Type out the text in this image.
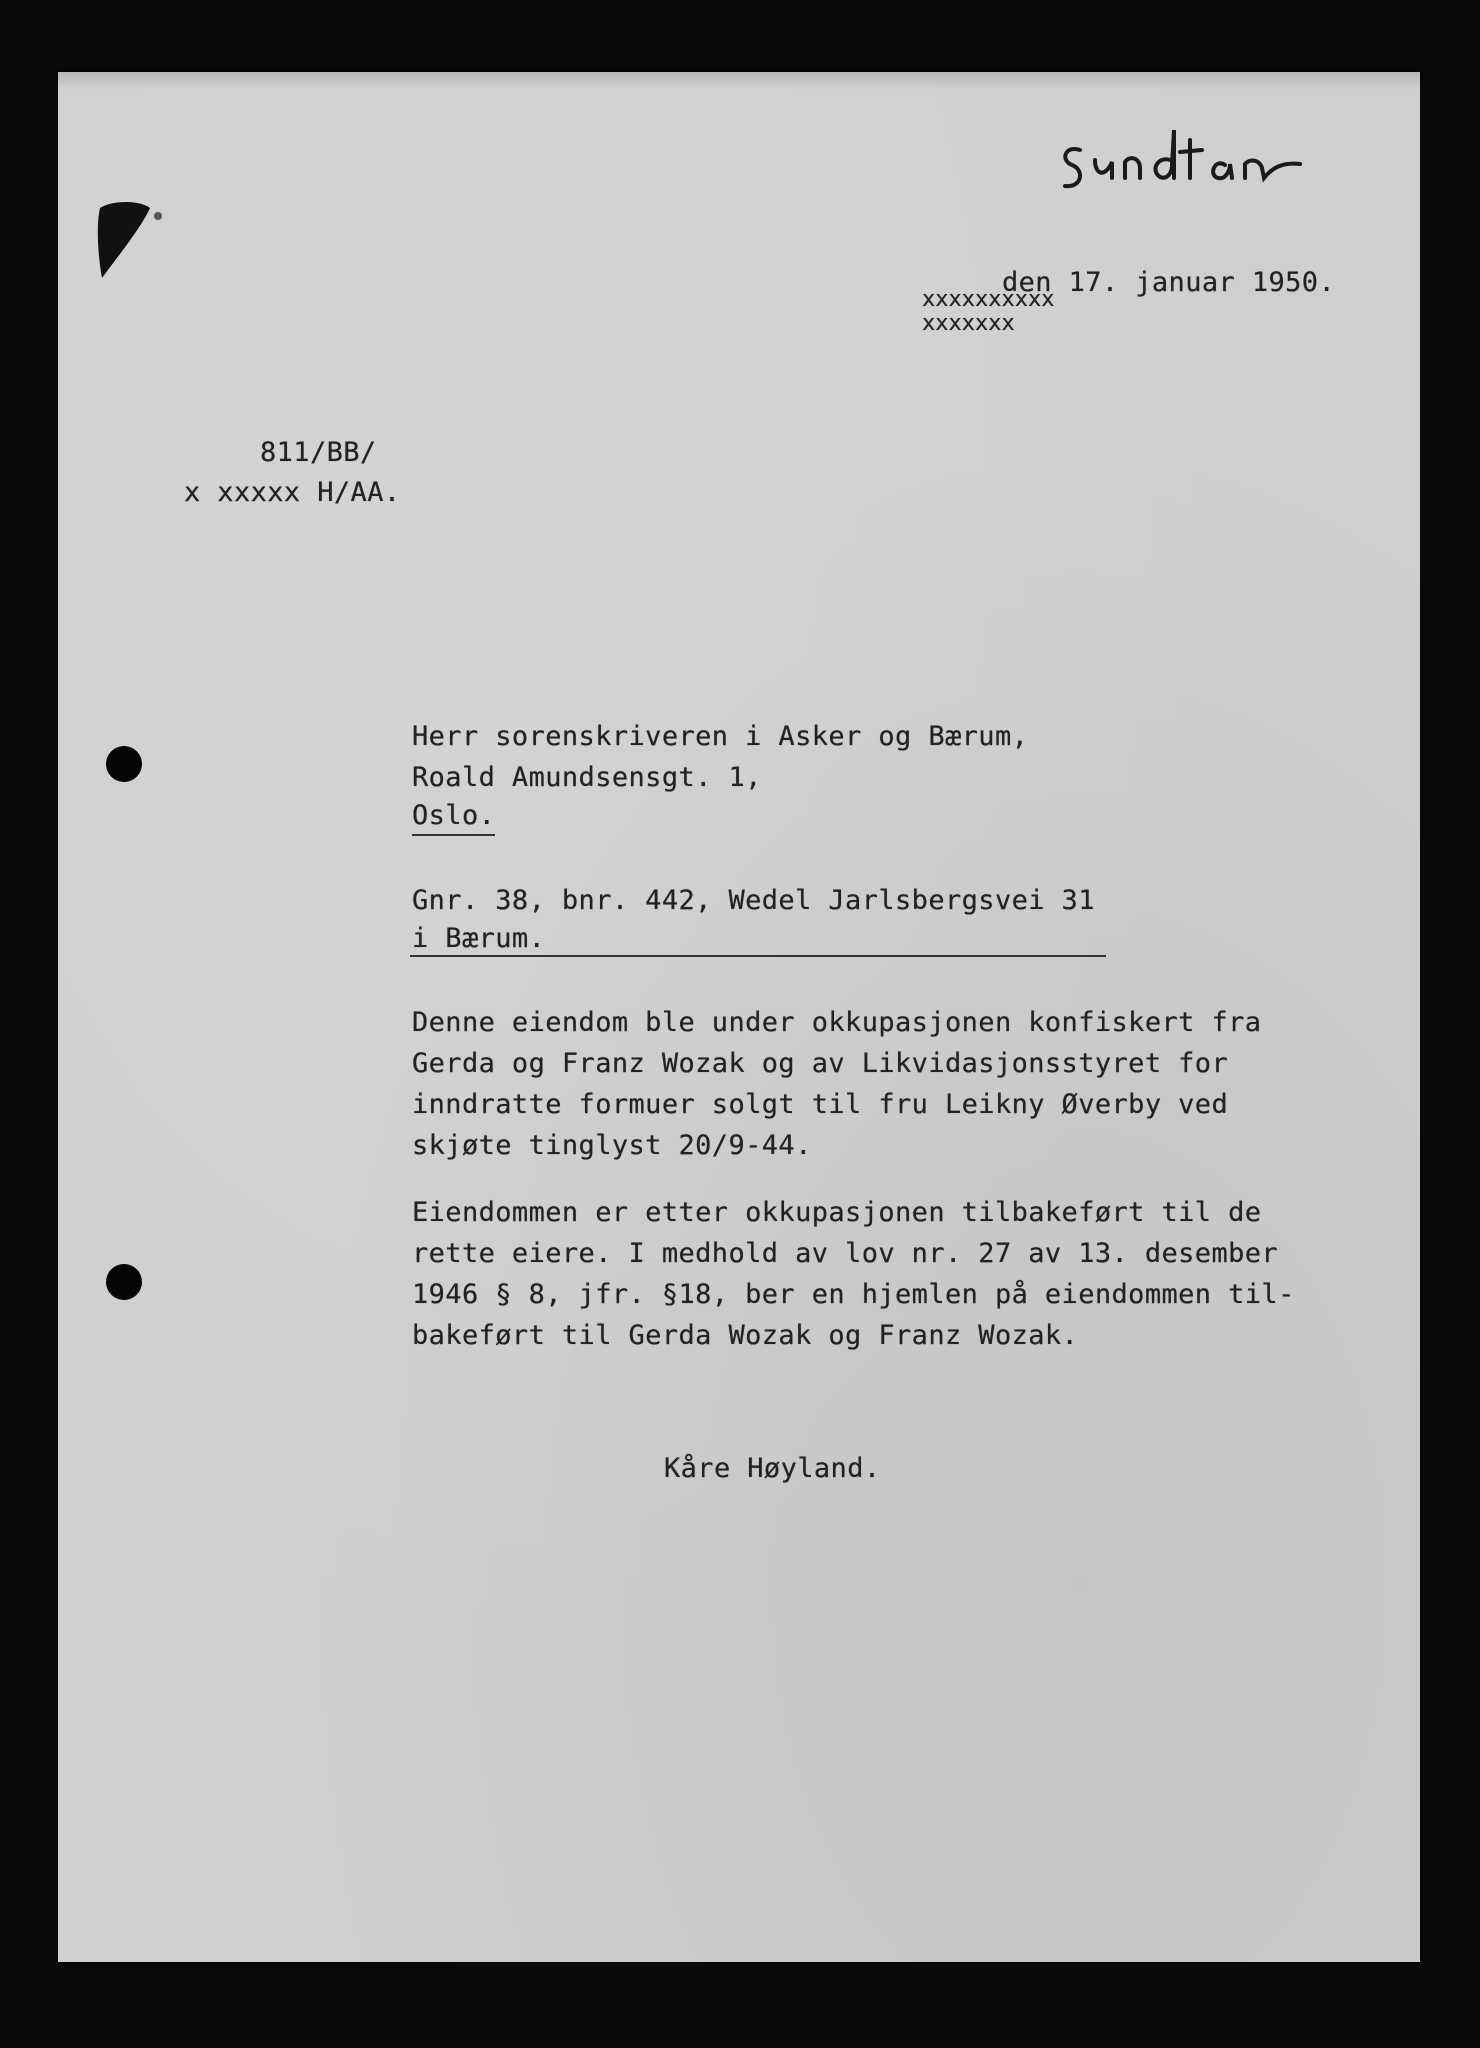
den 17. januar 1950.
xxxxxxxxxx
xxxxxxx
811/BB/
x xxxxx H/AA.
Herr sorenskriveren i Asker og Bærum,
Roald Amundsensgt. 1,
Oslo.
Gnr. 38, bnr. 442, Wedel Jarlsbergsvei 31
i Bærum.
Denne eiendom ble under okkupasjonen konfiskert fra
Gerda og Franz Wozak og av Likvidasjonsstyret for
inndratte formuer solgt til fru Leikny Øverby ved
skjøte tinglyst 20/9-44.
Eiendommen er etter okkupasjonen tilbakeført til de
rette eiere. I medhold av lov nr. 27 av 13. desember
1946 § 8, jfr. §18, ber en hjemlen på eiendommen til-
bakeført til Gerda Wozak og Franz Wozak.
Kåre Høyland.
